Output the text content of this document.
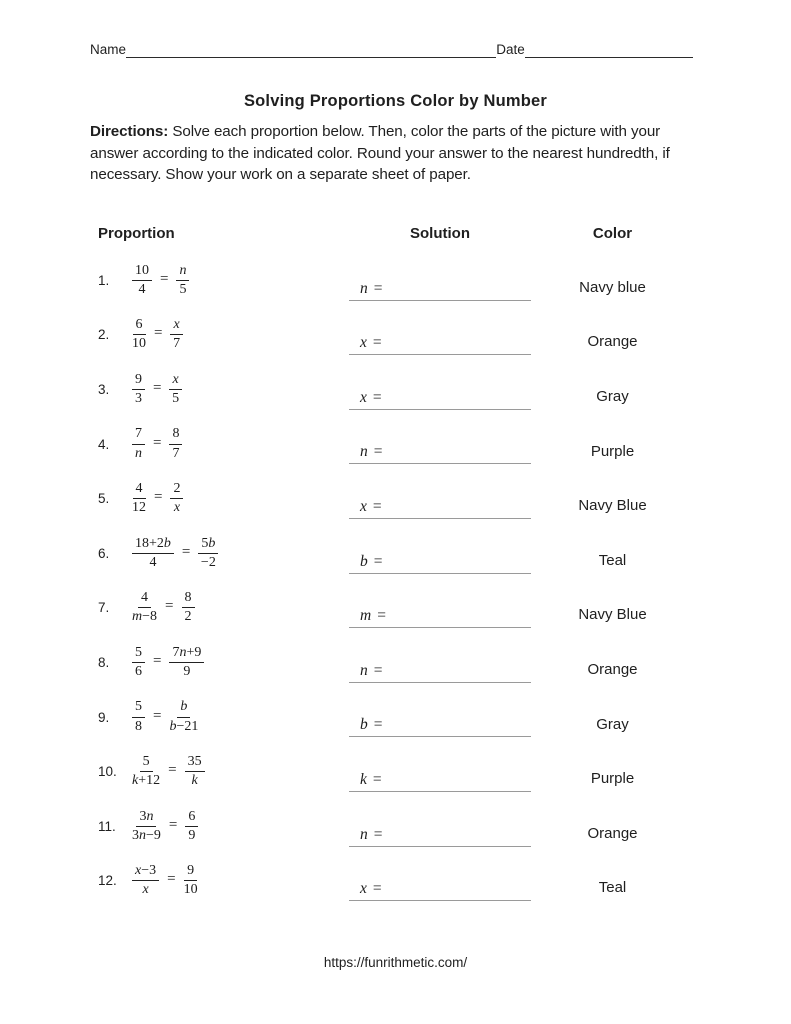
Name	Date
Solving Proportions Color by Number
Directions: Solve each proportion below. Then, color the parts of the picture with your answer according to the indicated color. Round your answer to the nearest hundredth, if necessary. Show your work on a separate sheet of paper.
Proportion	Solution	Color
1.	$\frac{10}{4} = \frac{n}{5}$	n =	Navy blue
2.	$\frac{6}{10} = \frac{x}{7}$	x =	Orange
3.	$\frac{9}{3} = \frac{x}{5}$	x =	Gray
4.	$\frac{7}{n} = \frac{8}{7}$	n =	Purple
5.	$\frac{4}{12} = \frac{2}{x}$	x =	Navy Blue
6.	$\frac{18+2b}{4} = \frac{5b}{-2}$	b =	Teal
7.	$\frac{4}{m-8} = \frac{8}{2}$	m =	Navy Blue
8.	$\frac{5}{6} = \frac{7n+9}{9}$	n =	Orange
9.	$\frac{5}{8} = \frac{b}{b-21}$	b =	Gray
10.	$\frac{5}{k+12} = \frac{35}{k}$	k =	Purple
11.	$\frac{3n}{3n-9} = \frac{6}{9}$	n =	Orange
12.	$\frac{x-3}{x} = \frac{9}{10}$	x =	Teal
https://funrithmetic.com/
